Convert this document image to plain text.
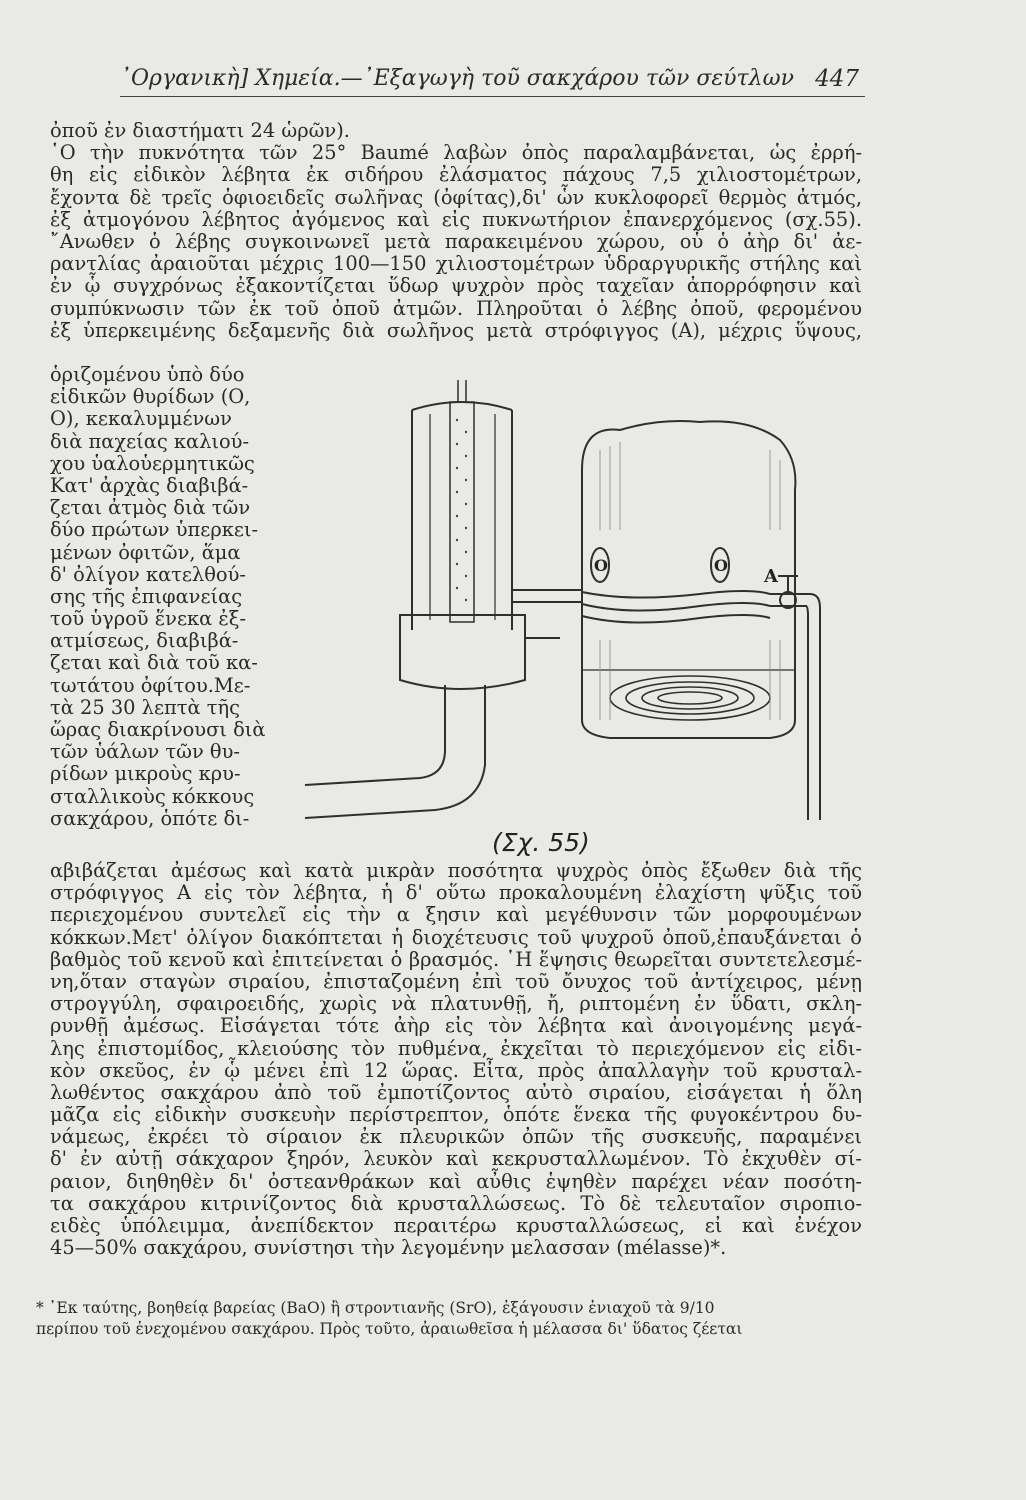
᾿Οργανικὴ] Χημεία.—᾿Εξαγωγὴ τοῦ σακχάρου τῶν σεύτλων 447
ὀποῦ ἐν διαστήματι 24 ὡρῶν).
῾Ο τὴν πυκνότητα τῶν 25° Baumé λαβὼν ὀπὸς παραλαμβάνεται, ὡς ἐρρή-
θη εἰς εἰδικὸν λέβητα ἐκ σιδήρου ἐλάσματος πάχους 7,5 χιλιοστομέτρων,
ἔχοντα δὲ τρεῖς ὀφιοειδεῖς σωλῆνας (ὀφίτας),δι' ὧν κυκλοφορεῖ θερμὸς ἀτμός,
ἐξ ἀτμογόνου λέβητος ἀγόμενος καὶ εἰς πυκνωτήριον ἐπανερχόμενος (σχ.55).
῎Ανωθεν ὁ λέβης συγκοινωνεῖ μετὰ παρακειμένου χώρου, οὗ ὁ ἀὴρ δι' ἀε-
ραντλίας ἀραιοῦται μέχρις 100—150 χιλιοστομέτρων ὑδραργυρικῆς στήλης καὶ
ἐν ᾧ συγχρόνως ἐξακοντίζεται ὕδωρ ψυχρὸν πρὸς ταχεῖαν ἀπορρόφησιν καὶ
συμπύκνωσιν τῶν ἐκ τοῦ ὀποῦ ἀτμῶν. Πληροῦται ὁ λέβης ὀποῦ, φερομένου
ἐξ ὑπερκειμένης δεξαμενῆς διὰ σωλῆνος μετὰ στρόφιγγος (Α), μέχρις ὕψους,
ὁριζομένου ὑπὸ δύο
εἰδικῶν θυρίδων (Ο,
Ο), κεκαλυμμένων
διὰ παχείας καλιού-
χου ὑαλοὑερμητικῶς
Κατ' ἀρχὰς διαβιβά-
ζεται ἀτμὸς διὰ τῶν
δύο πρώτων ὑπερκει-
μένων ὀφιτῶν, ἅμα
δ' ὀλίγον κατελθού-
σης τῆς ἐπιφανείας
τοῦ ὑγροῦ ἕνεκα ἐξ-
ατμίσεως, διαβιβά-
ζεται καὶ διὰ τοῦ κα-
τωτάτου ὀφίτου.Με-
τὰ 25 30 λεπτὰ τῆς
ὥρας διακρίνουσι διὰ
τῶν ὑάλων τῶν θυ-
ρίδων μικροὺς κρυ-
σταλλικοὺς κόκκους
σακχάρου, ὁπότε δι-
O	O
A
(Σχ. 55)
αβιβάζεται ἀμέσως καὶ κατὰ μικρὰν ποσότητα ψυχρὸς ὀπὸς ἔξωθεν διὰ τῆς
στρόφιγγος Α εἰς τὸν λέβητα, ἡ δ' οὕτω προκαλουμένη ἐλαχίστη ψῦξις τοῦ
περιεχομένου συντελεῖ εἰς τὴν α ξησιν καὶ μεγέθυνσιν τῶν μορφουμένων
κόκκων.Μετ' ὀλίγον διακόπτεται ἡ διοχέτευσις τοῦ ψυχροῦ ὀποῦ,ἐπαυξάνεται ὁ
βαθμὸς τοῦ κενοῦ καὶ ἐπιτείνεται ὁ βρασμός. ῾Η ἕψησις θεωρεῖται συντετελεσμέ-
νη,ὅταν σταγὼν σιραίου, ἐπισταζομένη ἐπὶ τοῦ ὄνυχος τοῦ ἀντίχειρος, μένῃ
στρογγύλη, σφαιροειδής, χωρὶς νὰ πλατυνθῇ, ἤ, ριπτομένη ἐν ὕδατι, σκλη-
ρυνθῇ ἀμέσως. Εἰσάγεται τότε ἀὴρ εἰς τὸν λέβητα καὶ ἀνοιγομένης μεγά-
λης ἐπιστομίδος, κλειούσης τὸν πυθμένα, ἐκχεῖται τὸ περιεχόμενον εἰς εἰδι-
κὸν σκεῦος, ἐν ᾧ μένει ἐπὶ 12 ὥρας. Εἶτα, πρὸς ἀπαλλαγὴν τοῦ κρυσταλ-
λωθέντος σακχάρου ἀπὸ τοῦ ἐμποτίζοντος αὐτὸ σιραίου, εἰσάγεται ἡ ὅλη
μᾶζα εἰς εἰδικὴν συσκευὴν περίστρεπτον, ὁπότε ἕνεκα τῆς φυγοκέντρου δυ-
νάμεως, ἐκρέει τὸ σίραιον ἐκ πλευρικῶν ὀπῶν τῆς συσκευῆς, παραμένει
δ' ἐν αὐτῇ σάκχαρον ξηρόν, λευκὸν καὶ κεκρυσταλλωμένον. Τὸ ἐκχυθὲν σί-
ραιον, διηθηθὲν δι' ὀστεανθράκων καὶ αὖθις ἑψηθὲν παρέχει νέαν ποσότη-
τα σακχάρου κιτρινίζοντος διὰ κρυσταλλώσεως. Τὸ δὲ τελευταῖον σιροπιο-
ειδὲς ὑπόλειμμα, ἀνεπίδεκτον περαιτέρω κρυσταλλώσεως, εἰ καὶ ἐνέχον
45—50% σακχάρου, συνίστησι τὴν λεγομένην μελασσαν (mélasse)*.
* ᾿Εκ ταύτης, βοηθείᾳ βαρείας (BaO) ἢ στροντιανῆς (SrO), ἐξάγουσιν ἐνιαχοῦ τὰ 9/10
περίπου τοῦ ἐνεχομένου σακχάρου. Πρὸς τοῦτο, ἀραιωθεῖσα ἡ μέλασσα δι' ὕδατος ζέεται
